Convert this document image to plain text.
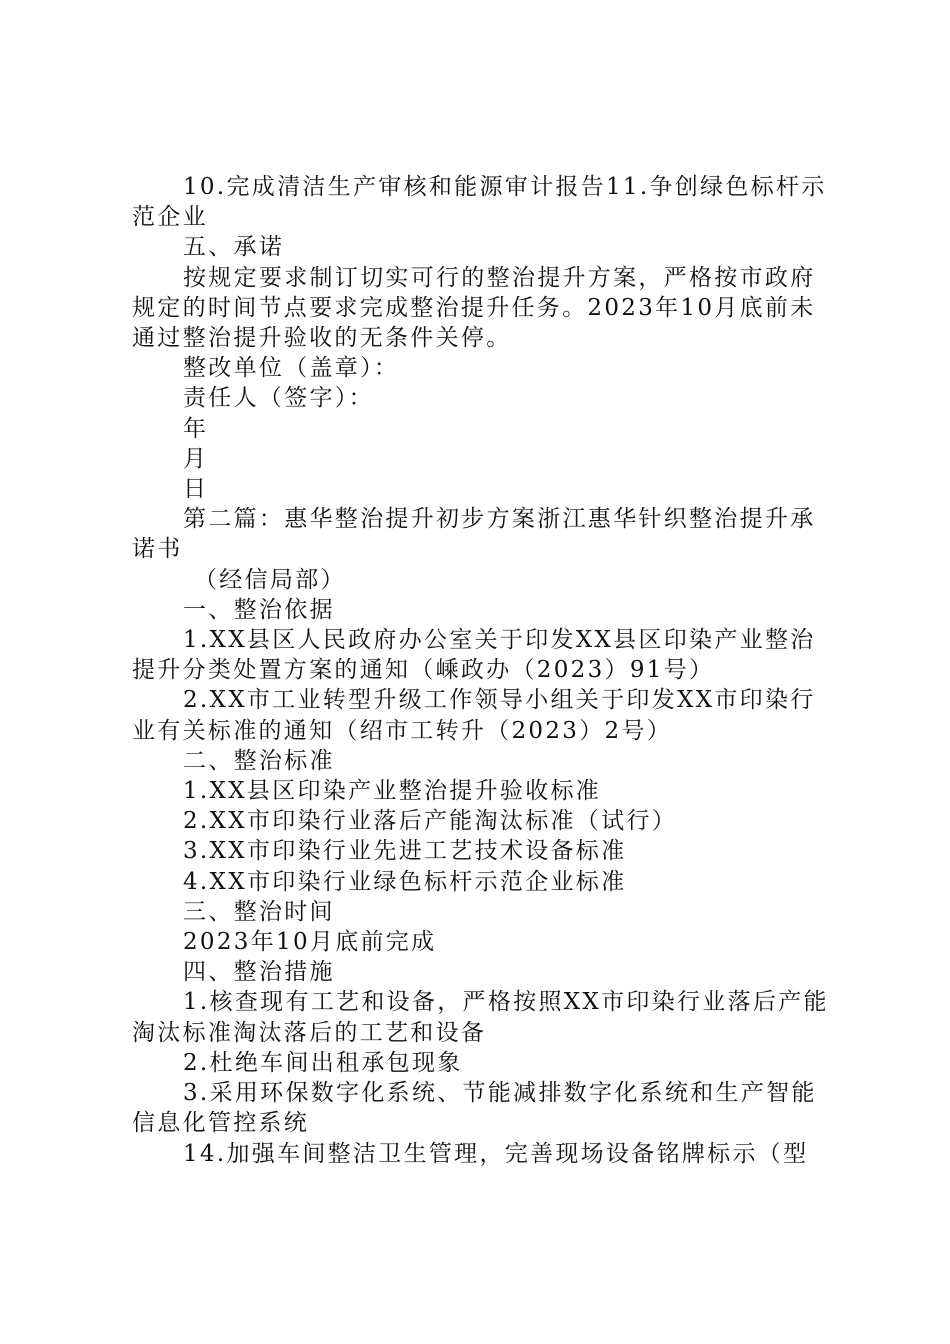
10.完成清洁生产审核和能源审计报告11.争创绿色标杆示范企业

五、承诺

按规定要求制订切实可行的整治提升方案，严格按市政府规定的时间节点要求完成整治提升任务。2023年10月底前未通过整治提升验收的无条件关停。

整改单位（盖章）：

责任人（签字）：

年

月

日

第二篇：惠华整治提升初步方案浙江惠华针织整治提升承诺书

（经信局部）

一、整治依据

1.XX县区人民政府办公室关于印发XX县区印染产业整治提升分类处置方案的通知（嵊政办（2023）91号）

2.XX市工业转型升级工作领导小组关于印发XX市印染行业有关标准的通知（绍市工转升（2023）2号）

二、整治标准

1.XX县区印染产业整治提升验收标准

2.XX市印染行业落后产能淘汰标准（试行）

3.XX市印染行业先进工艺技术设备标准

4.XX市印染行业绿色标杆示范企业标准

三、整治时间

2023年10月底前完成

四、整治措施

1.核查现有工艺和设备，严格按照XX市印染行业落后产能淘汰标准淘汰落后的工艺和设备

2.杜绝车间出租承包现象

3.采用环保数字化系统、节能减排数字化系统和生产智能信息化管控系统

14.加强车间整洁卫生管理，完善现场设备铭牌标示（型
